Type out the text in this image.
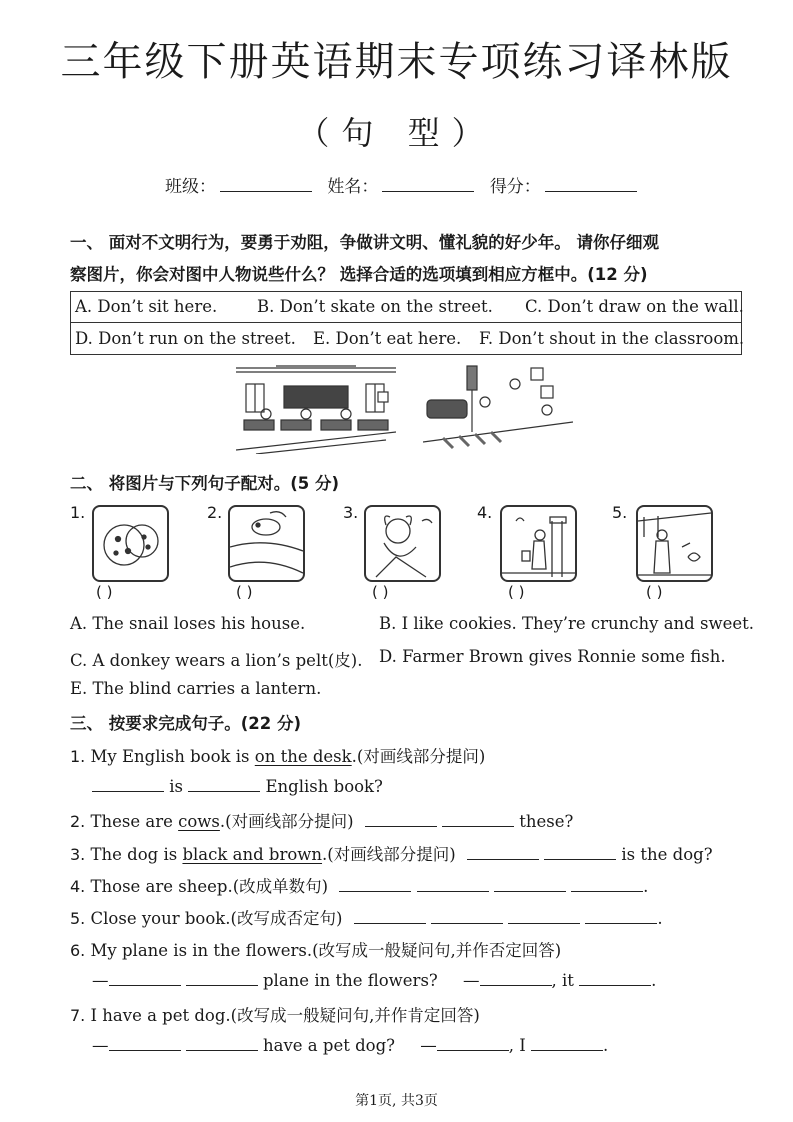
三年级下册英语期末专项练习译林版
（句 型）
班级：	姓名：	得分：
一、 面对不文明行为，要勇于劝阻，争做讲文明、懂礼貌的好少年。 请你仔细观
察图片，你会对图中人物说些什么？ 选择合适的选项填到相应方框中。(12 分)
A. Don’t sit here. B. Don’t skate on the street. C. Don’t draw on the wall.
D. Don’t run on the street. E. Don’t eat here. F. Don’t shout in the classroom.
二、 将图片与下列句子配对。(5 分)
1.	2.	3.	4.	5.
( )	( )	( )	( )	( )
A. The snail loses his house.	B. I like cookies. They’re crunchy and sweet.
C. A donkey wears a lion’s pelt(皮). D. Farmer Brown gives Ronnie some fish.
E. The blind carries a lantern.
三、 按要求完成句子。(22 分)
1. My English book is on the desk.(对画线部分提问)
is	English book?
2. These are cows.(对画线部分提问)	these?
3. The dog is black and brown.(对画线部分提问)	is the dog?
4. Those are sheep.(改成单数句)	.
5. Close your book.(改写成否定句)	.
6. My plane is in the flowers.(改写成一般疑问句,并作否定回答)
—	plane in the flowers? —	, it	.
7. I have a pet dog.(改写成一般疑问句,并作肯定回答)
—	have a pet dog? —	, I	.
第1页, 共3页
